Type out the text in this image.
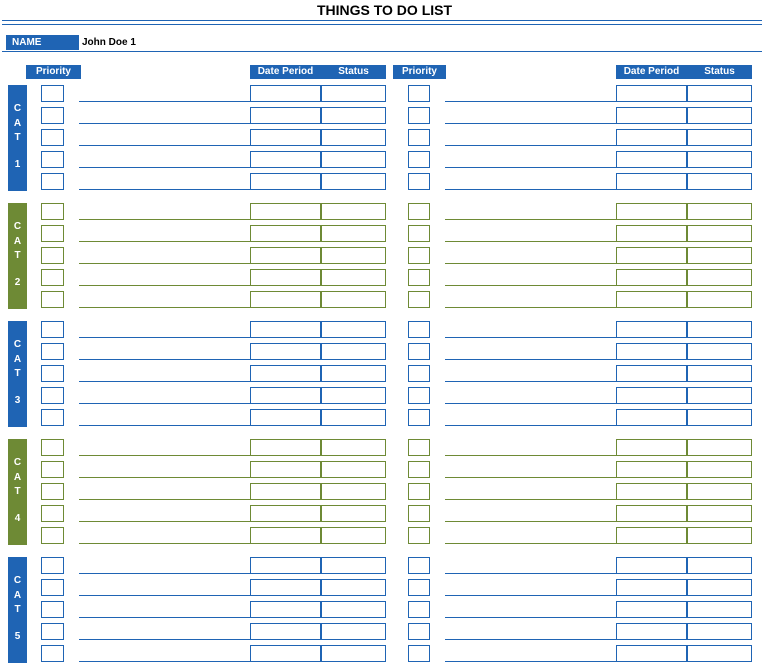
THINGS TO DO LIST
NAME	John Doe 1
Priority	Date Period	Status	Priority	Date Period	Status
C
A
T
1
C
A
T
2
C
A
T
3
C
A
T
4
C
A
T
5
